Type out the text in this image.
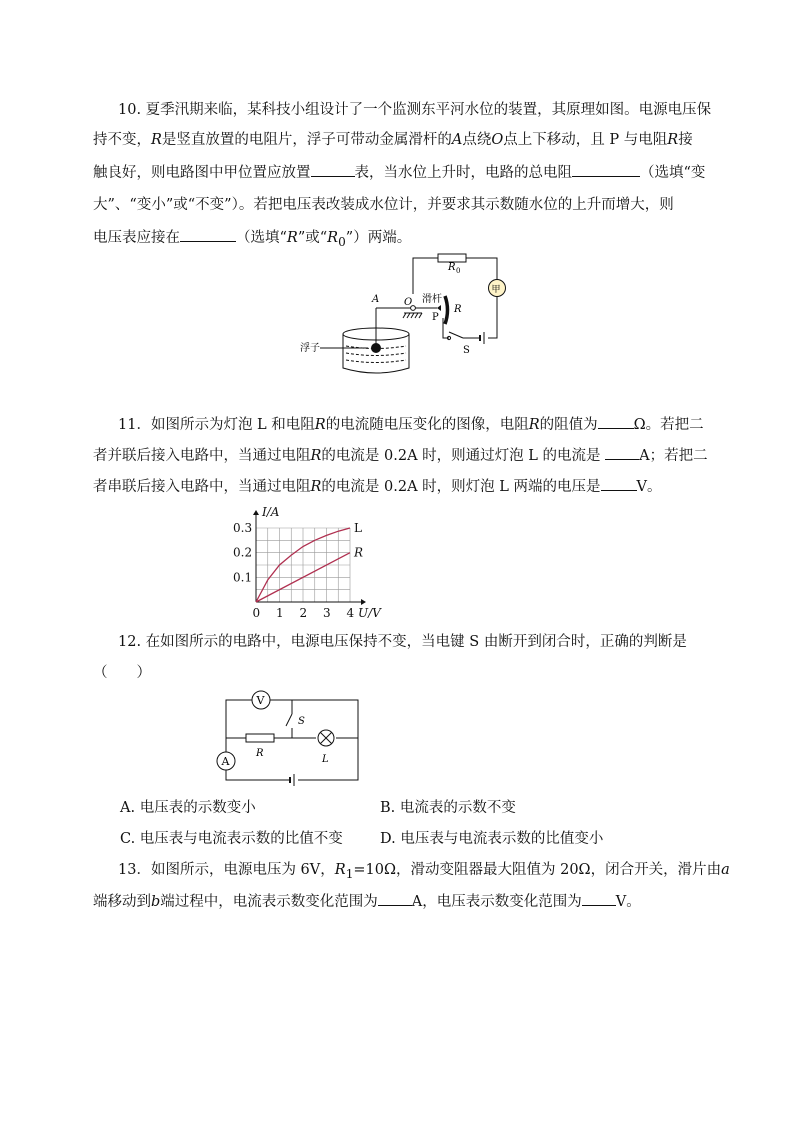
10. 夏季汛期来临，某科技小组设计了一个监测东平河水位的装置，其原理如图。电源电压保
持不变，R是竖直放置的电阻片，浮子可带动金属滑杆的A点绕O点上下移动，且 P 与电阻R接
触良好，则电路图中甲位置应放置	表，当水位上升时，电路的总电阻	（选填“变
大”、“变小”或“不变”）。若把电压表改装成水位计，并要求其示数随水位的上升而增大，则
电压表应接在	（选填“R”或“$R_0$”）两端。
R 0
甲
A O 滑杆
R
P
S
浮子
11．如图所示为灯泡 L 和电阻R的电流随电压变化的图像，电阻R的阻值为 Ω。若把二
者并联后接入电路中，当通过电阻R的电流是 0.2A 时，则通过灯泡 L 的电流是	A；若把二
者串联后接入电路中，当通过电阻R的电流是 0.2A 时，则灯泡 L 两端的电压是 V。
L
R
0 1 2 3 4
0.1
0.2
0.3
I/A
U/V
12. 在如图所示的电路中，电源电压保持不变，当电键 S 由断开到闭合时，正确的判断是
（　　）
V
A
S
R
L
A. 电压表的示数变小	B. 电流表的示数不变
C. 电压表与电流表示数的比值不变	D. 电压表与电流表示数的比值变小
13．如图所示，电源电压为 6V，$R_1=10\Omega$，滑动变阻器最大阻值为 20Ω，闭合开关，滑片由a
端移动到b端过程中，电流表示数变化范围为 A，电压表示数变化范围为 V。
